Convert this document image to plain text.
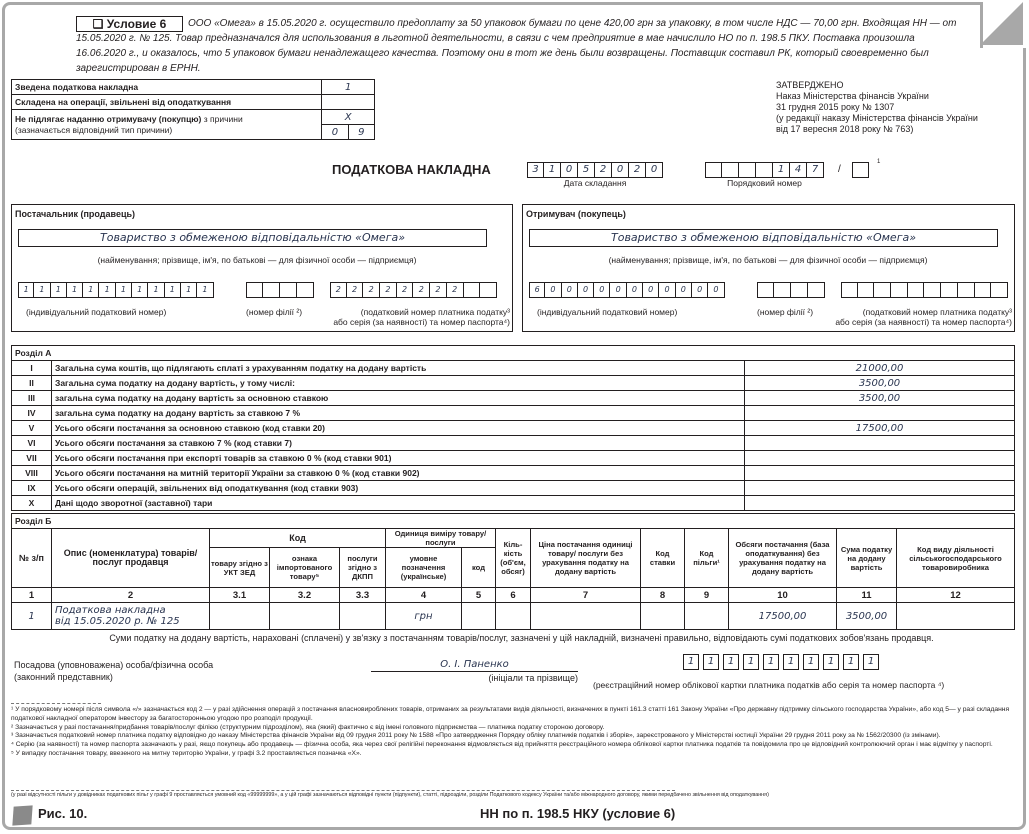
ООО «Омега» в 15.05.2020 г. осуществило предоплату за 50 упаковок бумаги по цене 420,00 грн за упаковку, в том числе НДС — 70,00 грн. Входящая НН — от 15.05.2020 г. № 125. Товар предназначался для использования в льготной деятельности, в связи с чем предприятие в мае начислило НО по п. 198.5 ПКУ. Поставка произошла 16.06.2020 г., и оказалось, что 5 упаковок бумаги ненадлежащего качества. Поэтому они в тот же день были возвращены. Поставщик составил РК, который своевременно был зарегистрирован в ЕРНН.
❑ Условие 6
Зведена податкова накладна	1	
Складена на операції, звільнені від оподаткування		
Не підлягає наданню отримувачу (покупцю) з причини
(зазначається відповідний тип причини)	X	
	0	9
ЗАТВЕРДЖЕНО
Наказ Міністерства фінансів України
31 грудня 2015 року № 1307
(у редакції наказу Міністерства фінансів України
від 17 вересня 2018 року № 763)
ПОДАТКОВА НАКЛАДНА	3	1	0	5	2	0	2	0
Дата складання
1	4	7
Порядковий номер
/
1
Постачальник (продавець)
Товариство з обмеженою відповідальністю «Омега»
(найменування; прізвище, ім'я, по батькові — для фізичної особи — підприємця)
1	1	1	1	1	1	1	1	1	1	1	1	2	2	2	2	2	2	2	2
(індивідуальний податковий номер)	(номер філії ²)	(податковий номер платника податку³
або серія (за наявності) та номер паспорта⁴)
Отримувач (покупець)
Товариство з обмеженою відповідальністю «Омега»
(найменування; прізвище, ім'я, по батькові — для фізичної особи — підприємця)
6	0	0	0	0	0	0	0	0	0	0	0
(індивідуальний податковий номер)	(номер філії ²)	(податковий номер платника податку³
або серія (за наявності) та номер паспорта⁴)
Розділ А		
I	Загальна сума коштів, що підлягають сплаті з урахуванням податку на додану вартість	21000,00
II	Загальна сума податку на додану вартість, у тому числі:	3500,00
III	загальна сума податку на додану вартість за основною ставкою	3500,00
IV	загальна сума податку на додану вартість за ставкою 7 %	
V	Усього обсяги постачання за основною ставкою (код ставки 20)	17500,00
VI	Усього обсяги постачання за ставкою 7 % (код ставки 7)	
VII	Усього обсяги постачання при експорті товарів за ставкою 0 % (код ставки 901)	
VIII	Усього обсяги постачання на митній території України за ставкою 0 % (код ставки 902)	
IX	Усього обсяги операцій, звільнених від оподаткування (код ставки 903)	
X	Дані щодо зворотної (заставної) тари	
Розділ Б													
№ з/п	Опис (номенклатура) товарів/послуг продавця	Код			Одиниця виміру товару/ послуги		Кіль-кість (об'єм, обсяг)	Ціна постачання одиниці товару/ послуги без урахування податку на додану вартість	Код ставки	Код пільги¹	Обсяги постачання (база оподаткування) без урахування податку на додану вартість	Сума податку на додану вартість	Код виду діяльності сільськогосподарського товаровиробника
		товару згідно з УКТ ЗЕД	ознака імпортованого товару⁵	послуги згідно з ДКПП	умовне позначення (українське)	код							
1	2	3.1	3.2	3.3	4	5	6	7	8	9	10	11	12
1	Податкова накладна
від 15.05.2020 р. № 125				грн						17500,00	3500,00	
Суми податку на додану вартість, нараховані (сплачені) у зв'язку з постачанням товарів/послуг, зазначені у цій накладній, визначені правильно, відповідають сумі податкових зобов'язань продавця.
Посадова (уповноважена) особа/фізична особа
(законний представник)
О. І. Паненко
(ініціали та прізвище)
1	1	1	1	1	1	1	1	1	1
(реєстраційний номер облікової картки платника податків або серія та номер паспорта ⁴)
¹ У порядковому номері після символа «/» зазначається код 2 — у разі здійснення операцій з постачання власновироблених товарів, отриманих за результатами видів діяльності, визначених в пункті 161.3 статті 161 Закону України «Про державну підтримку сільського господарства України», або код 5— у разі складання податкової накладної оператором інвестору за багатосторонньою угодою про розподіл продукції.
² Зазначається у разі постачання/придбання товарів/послуг філією (структурним підрозділом), яка (який) фактично є від імені головного підприємства — платника податку стороною договору.
³ Зазначається податковий номер платника податку відповідно до наказу Міністерства фінансів України від 09 грудня 2011 року № 1588 «Про затвердження Порядку обліку платників податків і зборів», зареєстрованого у Міністерстві юстиції України 29 грудня 2011 року за № 1562/20300 (із змінами).
⁴ Серію (за наявності) та номер паспорта зазначають у разі, якщо покупець або продавець — фізична особа, яка через свої релігійні переконання відмовляється від прийняття реєстраційного номера облікової картки платника податків та повідомила про це відповідний контролюючий орган і має відмітку у паспорті.
⁵ У випадку постачання товару, ввезеного на митну територію України, у графі 3.2 проставляється позначка «Х».
(у разі відсутності пільги у довідниках податкових пільг у графі 9 проставляється умовний код «99999999», а у цій графі зазначаються відповідні пункти (підпункти), статті, підрозділи, розділи Податкового кодексу України та/або міжнародного договору, якими передбачено звільнення від оподаткування)
Рис. 10.	НН по п. 198.5 НКУ (условие 6)
